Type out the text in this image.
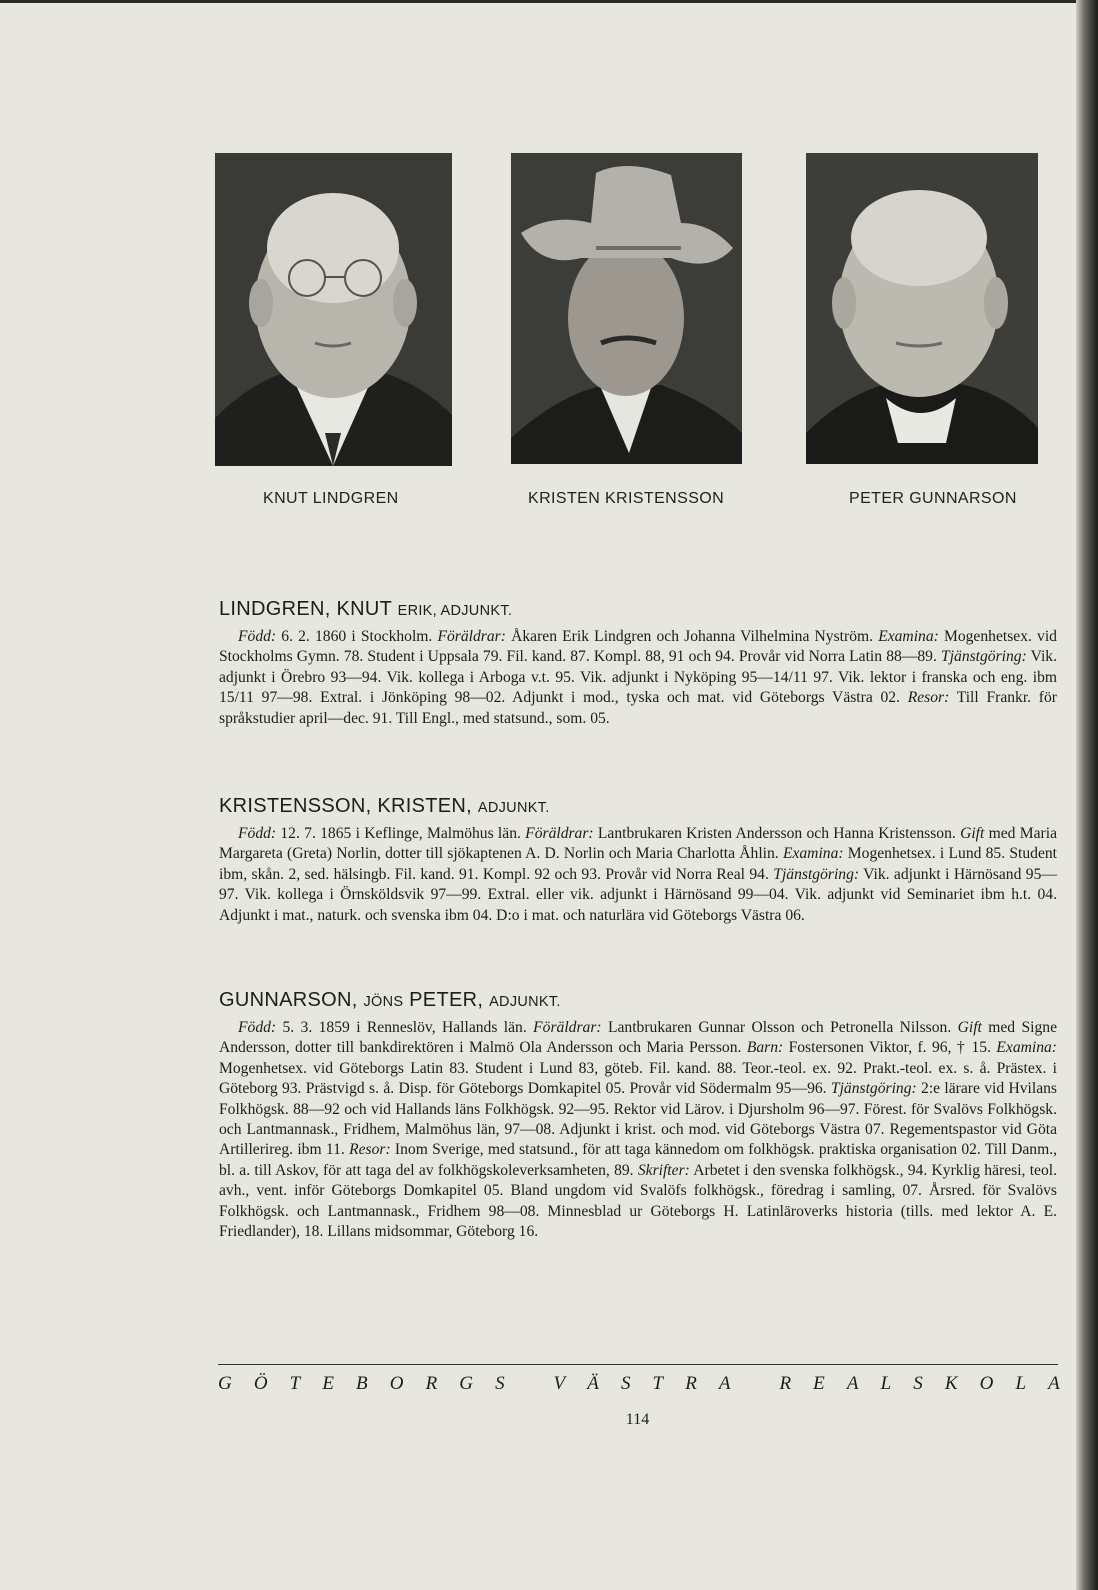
KNUT LINDGREN	KRISTEN KRISTENSSON	PETER GUNNARSON
LINDGREN, KNUT ERIK, ADJUNKT.

Född: 6. 2. 1860 i Stockholm. Föräldrar: Åkaren Erik Lindgren och Johanna Vilhelmina Nyström. Examina: Mogenhetsex. vid Stockholms Gymn. 78. Student i Uppsala 79. Fil. kand. 87. Kompl. 88, 91 och 94. Provår vid Norra Latin 88—89. Tjänstgöring: Vik. adjunkt i Örebro 93—94. Vik. kollega i Arboga v.t. 95. Vik. adjunkt i Nyköping 95—14/11 97. Vik. lektor i franska och eng. ibm 15/11 97—98. Extral. i Jönköping 98—02. Adjunkt i mod., tyska och mat. vid Göteborgs Västra 02. Resor: Till Frankr. för språkstudier april—dec. 91. Till Engl., med statsund., som. 05.

KRISTENSSON, KRISTEN, ADJUNKT.

Född: 12. 7. 1865 i Keflinge, Malmöhus län. Föräldrar: Lantbrukaren Kristen Andersson och Hanna Kristensson. Gift med Maria Margareta (Greta) Norlin, dotter till sjökaptenen A. D. Norlin och Maria Charlotta Åhlin. Examina: Mogenhetsex. i Lund 85. Student ibm, skån. 2, sed. hälsingb. Fil. kand. 91. Kompl. 92 och 93. Provår vid Norra Real 94. Tjänstgöring: Vik. adjunkt i Härnösand 95—97. Vik. kollega i Örnsköldsvik 97—99. Extral. eller vik. adjunkt i Härnösand 99—04. Vik. adjunkt vid Seminariet ibm h.t. 04. Adjunkt i mat., naturk. och svenska ibm 04. D:o i mat. och naturlära vid Göteborgs Västra 06.

GUNNARSON, JÖNS PETER, ADJUNKT.

Född: 5. 3. 1859 i Renneslöv, Hallands län. Föräldrar: Lantbrukaren Gunnar Olsson och Petronella Nilsson. Gift med Signe Andersson, dotter till bankdirektören i Malmö Ola Andersson och Maria Persson. Barn: Fostersonen Viktor, f. 96, † 15. Examina: Mogenhetsex. vid Göteborgs Latin 83. Student i Lund 83, göteb. Fil. kand. 88. Teor.-teol. ex. 92. Prakt.-teol. ex. s. å. Prästex. i Göteborg 93. Prästvigd s. å. Disp. för Göteborgs Domkapitel 05. Provår vid Södermalm 95—96. Tjänstgöring: 2:e lärare vid Hvilans Folkhögsk. 88—92 och vid Hallands läns Folkhögsk. 92—95. Rektor vid Lärov. i Djursholm 96—97. Förest. för Svalövs Folkhögsk. och Lantmannask., Fridhem, Malmöhus län, 97—08. Adjunkt i krist. och mod. vid Göteborgs Västra 07. Regementspastor vid Göta Artillerireg. ibm 11. Resor: Inom Sverige, med statsund., för att taga kännedom om folkhögsk. praktiska organisation 02. Till Danm., bl. a. till Askov, för att taga del av folkhögskoleverksamheten, 89. Skrifter: Arbetet i den svenska folkhögsk., 94. Kyrklig häresi, teol. avh., vent. inför Göteborgs Domkapitel 05. Bland ungdom vid Svalöfs folkhögsk., föredrag i samling, 07. Årsred. för Svalövs Folkhögsk. och Lantmannask., Fridhem 98—08. Minnesblad ur Göteborgs H. Latinläroverks historia (tills. med lektor A. E. Friedlander), 18. Lillans midsommar, Göteborg 16.

G Ö T E B O R G S
	V Ä S T R A
	R E A L S K O L A
114
